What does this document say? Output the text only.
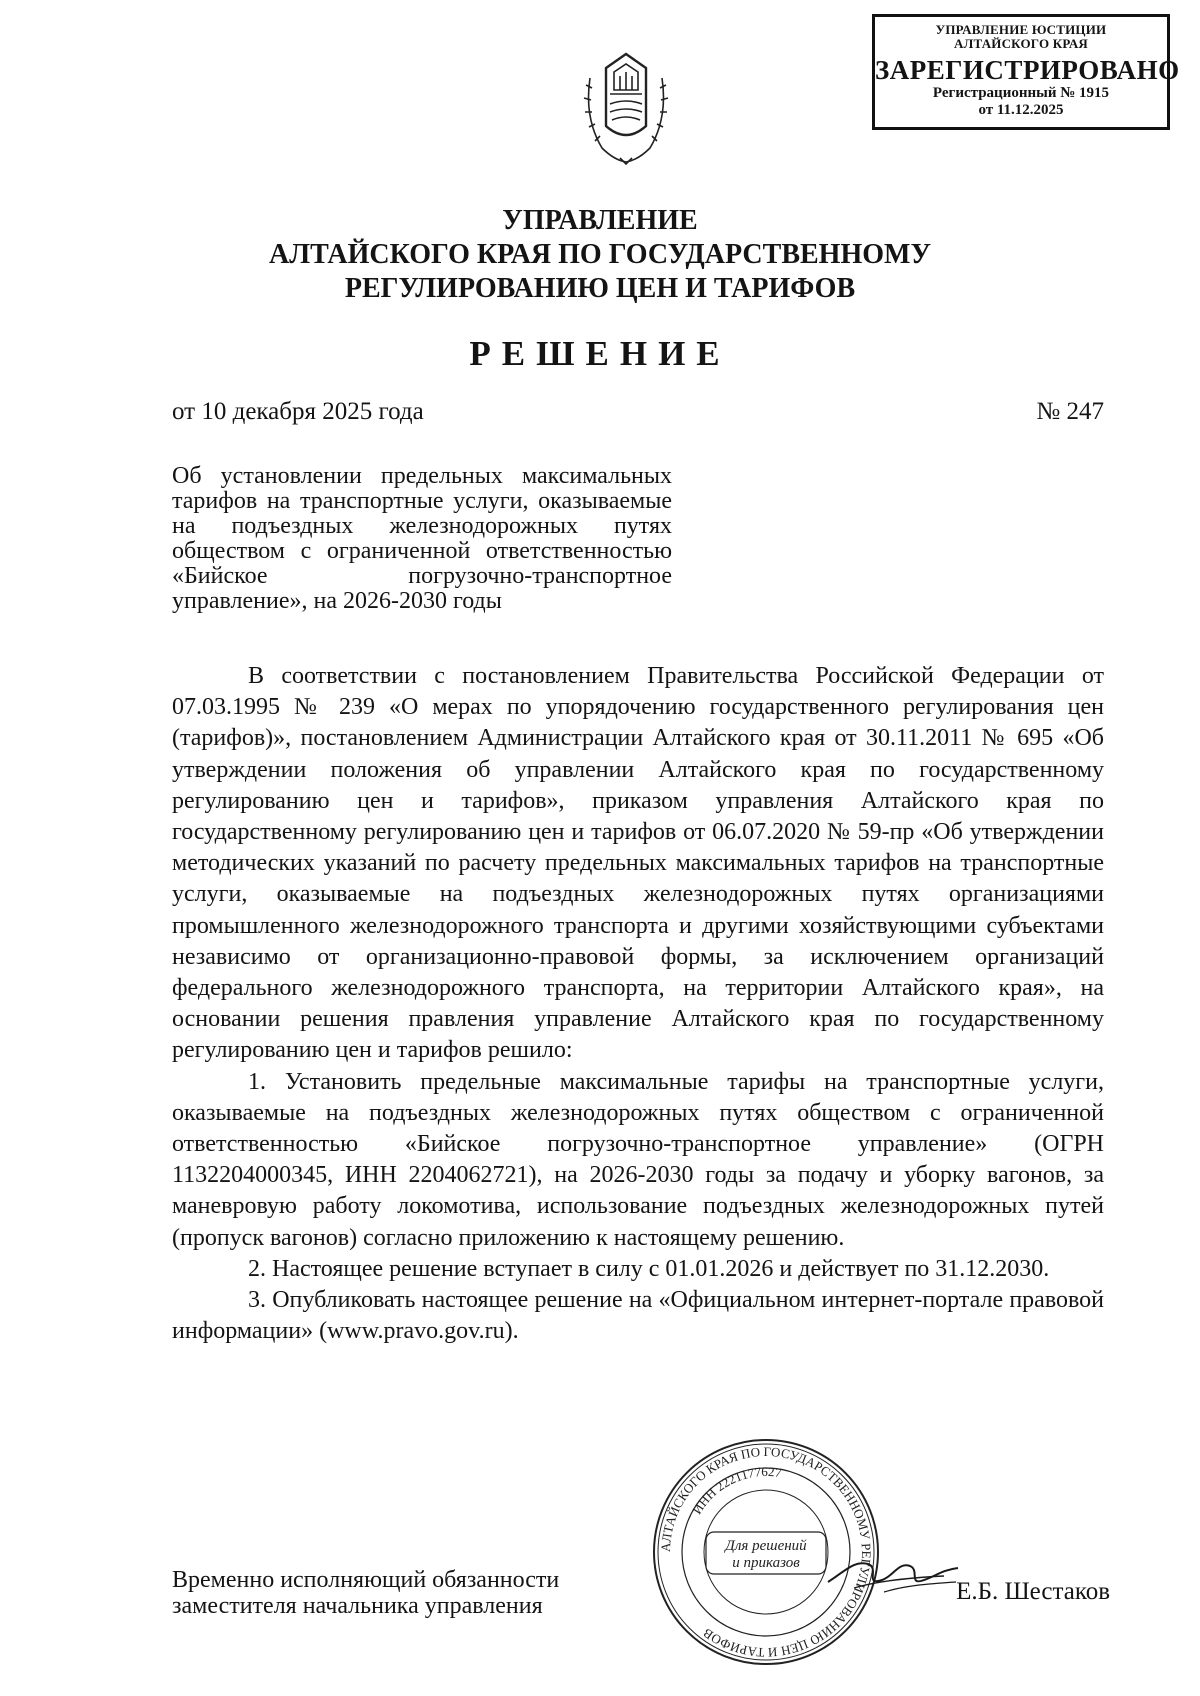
УПРАВЛЕНИЕ ЮСТИЦИИ АЛТАЙСКОГО КРАЯ
ЗАРЕГИСТРИРОВАНО
Регистрационный № 1915
от 11.12.2025
УПРАВЛЕНИЕ
АЛТАЙСКОГО КРАЯ ПО ГОСУДАРСТВЕННОМУ
РЕГУЛИРОВАНИЮ ЦЕН И ТАРИФОВ
РЕШЕНИЕ
от 10 декабря 2025 года	№ 247
Об установлении предельных максимальных тарифов на транспортные услуги, оказываемые на подъездных железнодорожных путях обществом с ограниченной ответственностью «Бийское погрузочно-транспортное управление», на 2026-2030 годы

В соответствии с постановлением Правительства Российской Федерации от 07.03.1995 № 239 «О мерах по упорядочению государственного регулирования цен (тарифов)», постановлением Администрации Алтайского края от 30.11.2011 № 695 «Об утверждении положения об управлении Алтайского края по государственному регулированию цен и тарифов», приказом управления Алтайского края по государственному регулированию цен и тарифов от 06.07.2020 № 59-пр «Об утверждении методических указаний по расчету предельных максимальных тарифов на транспортные услуги, оказываемые на подъездных железнодорожных путях организациями промышленного железнодорожного транспорта и другими хозяйствующими субъектами независимо от организационно-правовой формы, за исключением организаций федерального железнодорожного транспорта, на территории Алтайского края», на основании решения правления управление Алтайского края по государственному регулированию цен и тарифов решило:

1. Установить предельные максимальные тарифы на транспортные услуги, оказываемые на подъездных железнодорожных путях обществом с ограниченной ответственностью «Бийское погрузочно-транспортное управление» (ОГРН 1132204000345, ИНН 2204062721), на 2026-2030 годы за подачу и уборку вагонов, за маневровую работу локомотива, использование подъездных железнодорожных путей (пропуск вагонов) согласно приложению к настоящему решению.

2. Настоящее решение вступает в силу с 01.01.2026 и действует по 31.12.2030.

3. Опубликовать настоящее решение на «Официальном интернет-портале правовой информации» (www.pravo.gov.ru).

Временно исполняющий обязанности
заместителя начальника управления
Е.Б. Шестаков
АЛТАЙСКОГО КРАЯ ПО ГОСУДАРСТВЕННОМУ РЕГУЛИРОВАНИЮ ЦЕН И ТАРИФОВ
ИНН 2221177627
Для решений
и приказов
